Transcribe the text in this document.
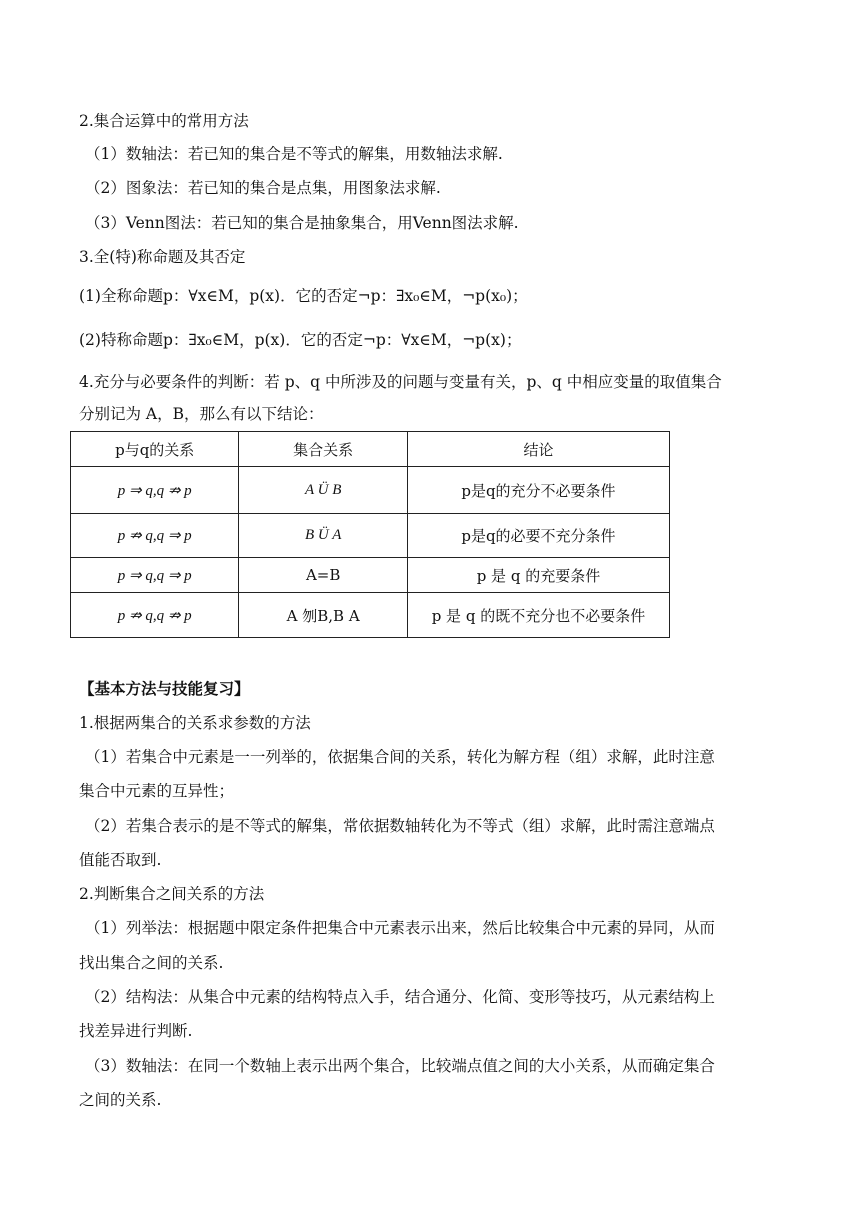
2.集合运算中的常用方法
（1）数轴法：若已知的集合是不等式的解集，用数轴法求解.
（2）图象法：若已知的集合是点集，用图象法求解.
（3）Venn图法：若已知的集合是抽象集合，用Venn图法求解.
3.全(特)称命题及其否定
(1)全称命题p：∀x∈M，p(x)．它的否定¬p：∃x₀∈M，¬p(x₀)；
(2)特称命题p：∃x₀∈M，p(x)．它的否定¬p：∀x∈M，¬p(x)；
4.充分与必要条件的判断：若 p、q 中所涉及的问题与变量有关，p、q 中相应变量的取值集合
分别记为 A，B，那么有以下结论：
p与q的关系	集合关系	结论
p ⇒ q,q ⇏ p	A Ü B	p是q的充分不必要条件
p ⇏ q,q ⇒ p	B Ü A	p是q的必要不充分条件
p ⇒ q,q ⇒ p	A=B	p 是 q 的充要条件
p ⇏ q,q ⇏ p	A 刎B,B A	p 是 q 的既不充分也不必要条件
【基本方法与技能复习】
1.根据两集合的关系求参数的方法
（1）若集合中元素是一一列举的，依据集合间的关系，转化为解方程（组）求解，此时注意
集合中元素的互异性；
（2）若集合表示的是不等式的解集，常依据数轴转化为不等式（组）求解，此时需注意端点
值能否取到.
2.判断集合之间关系的方法
（1）列举法：根据题中限定条件把集合中元素表示出来，然后比较集合中元素的异同，从而
找出集合之间的关系.
（2）结构法：从集合中元素的结构特点入手，结合通分、化简、变形等技巧，从元素结构上
找差异进行判断.
（3）数轴法：在同一个数轴上表示出两个集合，比较端点值之间的大小关系，从而确定集合
之间的关系.
